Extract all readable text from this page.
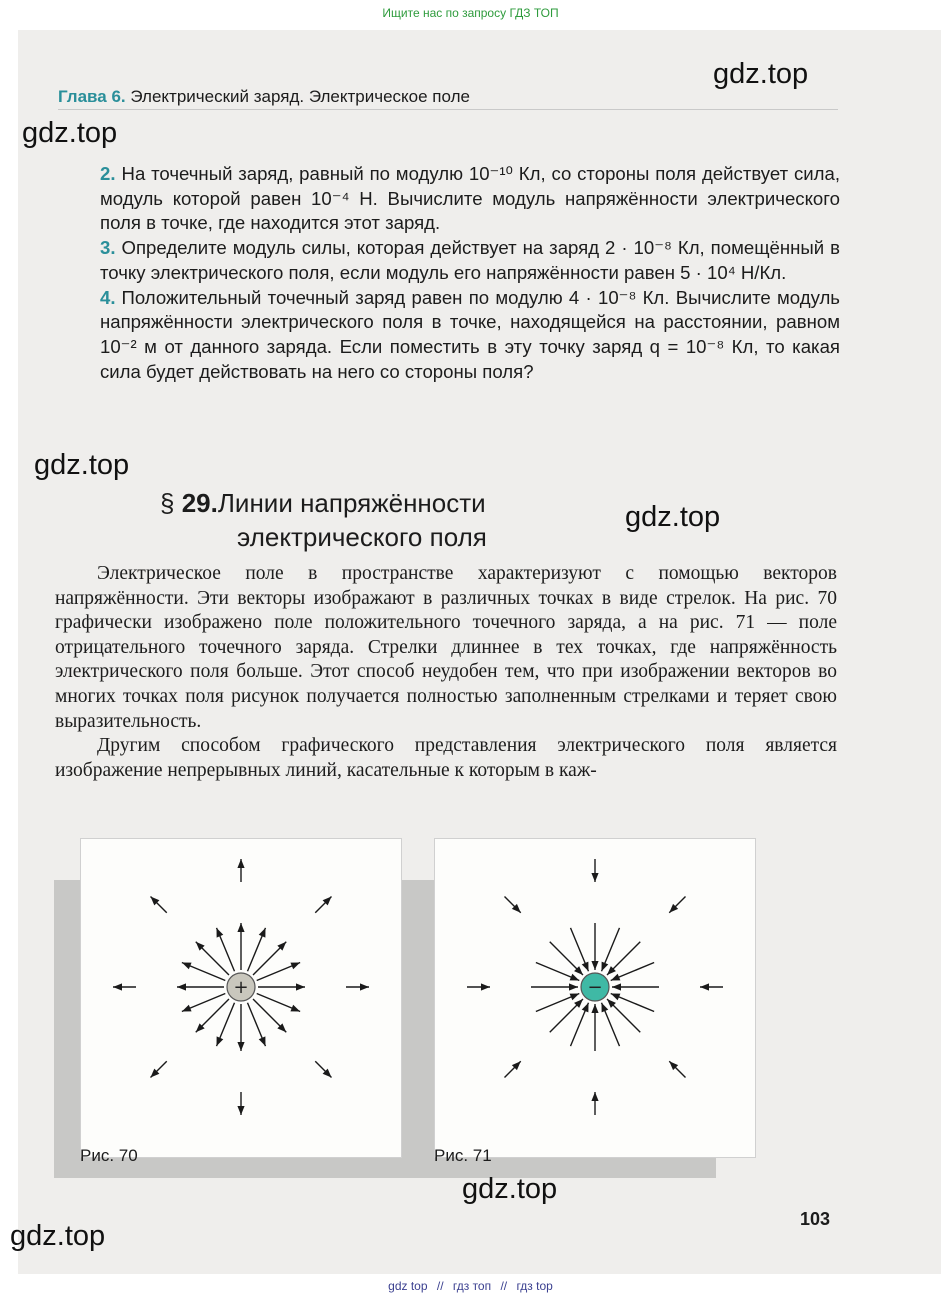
Ищите нас по запросу ГДЗ ТОП
Глава 6. Электрический заряд. Электрическое поле
gdz.top
gdz.top

2. На точечный заряд, равный по модулю 10⁻¹⁰ Кл, со стороны поля действует сила, модуль которой равен 10⁻⁴ Н. Вычислите модуль напряжённости электрического поля в точке, где находится этот заряд.

3. Определите модуль силы, которая действует на заряд 2 · 10⁻⁸ Кл, помещённый в точку электрического поля, если модуль его напряжённости равен 5 · 10⁴ Н/Кл.

4. Положительный точечный заряд равен по модулю 4 · 10⁻⁸ Кл. Вычислите модуль напряжённости электрического поля в точке, находящейся на расстоянии, равном 10⁻² м от данного заряда. Если поместить в эту точку заряд q = 10⁻⁸ Кл, то какая сила будет действовать на него со стороны поля?

gdz.top
§ 29.Линии напряжённости
электрического поля
gdz.top

Электрическое поле в пространстве характеризуют с помощью векторов напряжённости. Эти векторы изображают в различных точках в виде стрелок. На рис. 70 графически изображено поле положительного точечного заряда, а на рис. 71 — поле отрицательного точечного заряда. Стрелки длиннее в тех точках, где напряжённость электрического поля больше. Этот способ неудобен тем, что при изображении векторов во многих точках поля рисунок получается полностью заполненным стрелками и теряет свою выразительность.

Другим способом графического представления электрического поля является изображение непрерывных линий, касательные к которым в каж-

+	−
Рис. 70	Рис. 71
gdz.top
gdz.top
103
gdz top // гдз топ // гдз top
